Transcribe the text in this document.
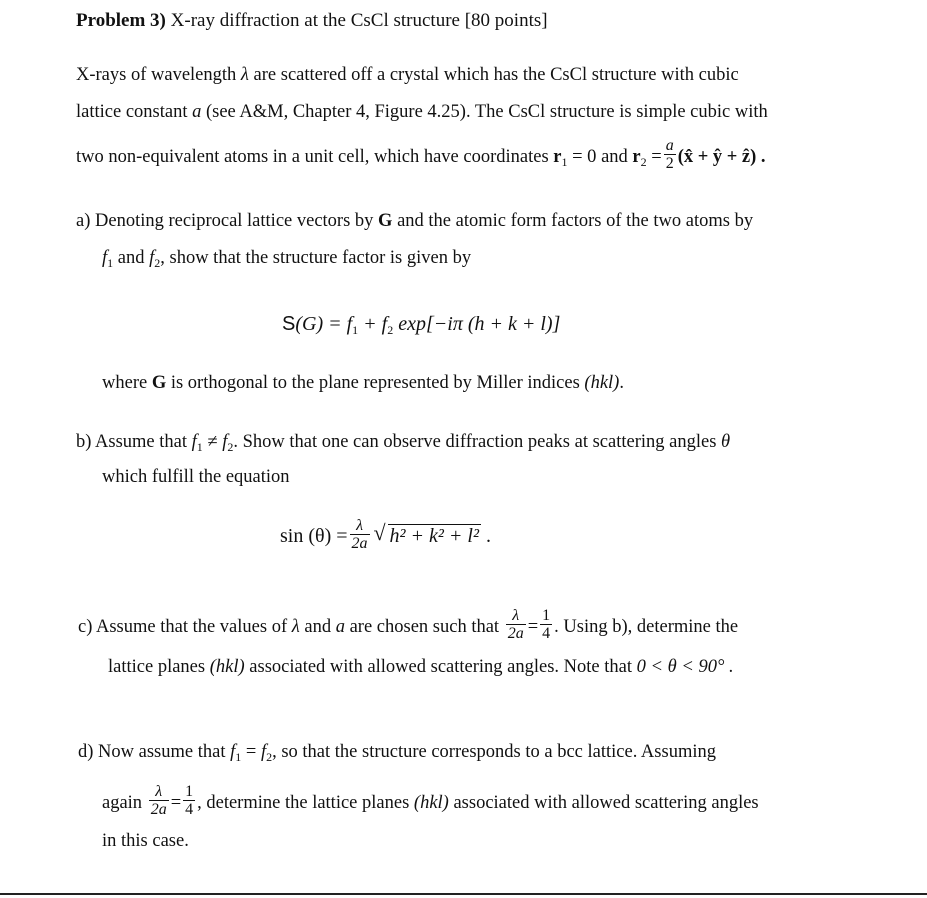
Problem 3) X-ray diffraction at the CsCl structure [80 points]
X-rays of wavelength λ are scattered off a crystal which has the CsCl structure with cubic
lattice constant a (see A&M, Chapter 4, Figure 4.25). The CsCl structure is simple cubic with
two non-equivalent atoms in a unit cell, which have coordinates $r_1 = 0$ and $r_2 = \frac{a}{2}$ (x̂ + ŷ + ẑ) .
a) Denoting reciprocal lattice vectors by G and the atomic form factors of the two atoms by
$f_1$ and $f_2$, show that the structure factor is given by
$S(G) = f_1 + f_2$ exp[−iπ (h + k + l)]
where G is orthogonal to the plane represented by Miller indices (hkl).
b) Assume that $f_1 \ne f_2$. Show that one can observe diffraction peaks at scattering angles θ
which fulfill the equation
$\sin (\theta) = \frac{\lambda}{2a}$ √ h² + k² + l² .
c) Assume that the values of λ and a are chosen such that $\frac{\lambda}{2a} = \frac{1}{4}$ . Using b), determine the
lattice planes (hkl) associated with allowed scattering angles. Note that 0 < θ < 90° .
d) Now assume that $f_1 = f_2$, so that the structure corresponds to a bcc lattice. Assuming
again $\frac{\lambda}{2a} = \frac{1}{4}$ , determine the lattice planes (hkl) associated with allowed scattering angles
in this case.
